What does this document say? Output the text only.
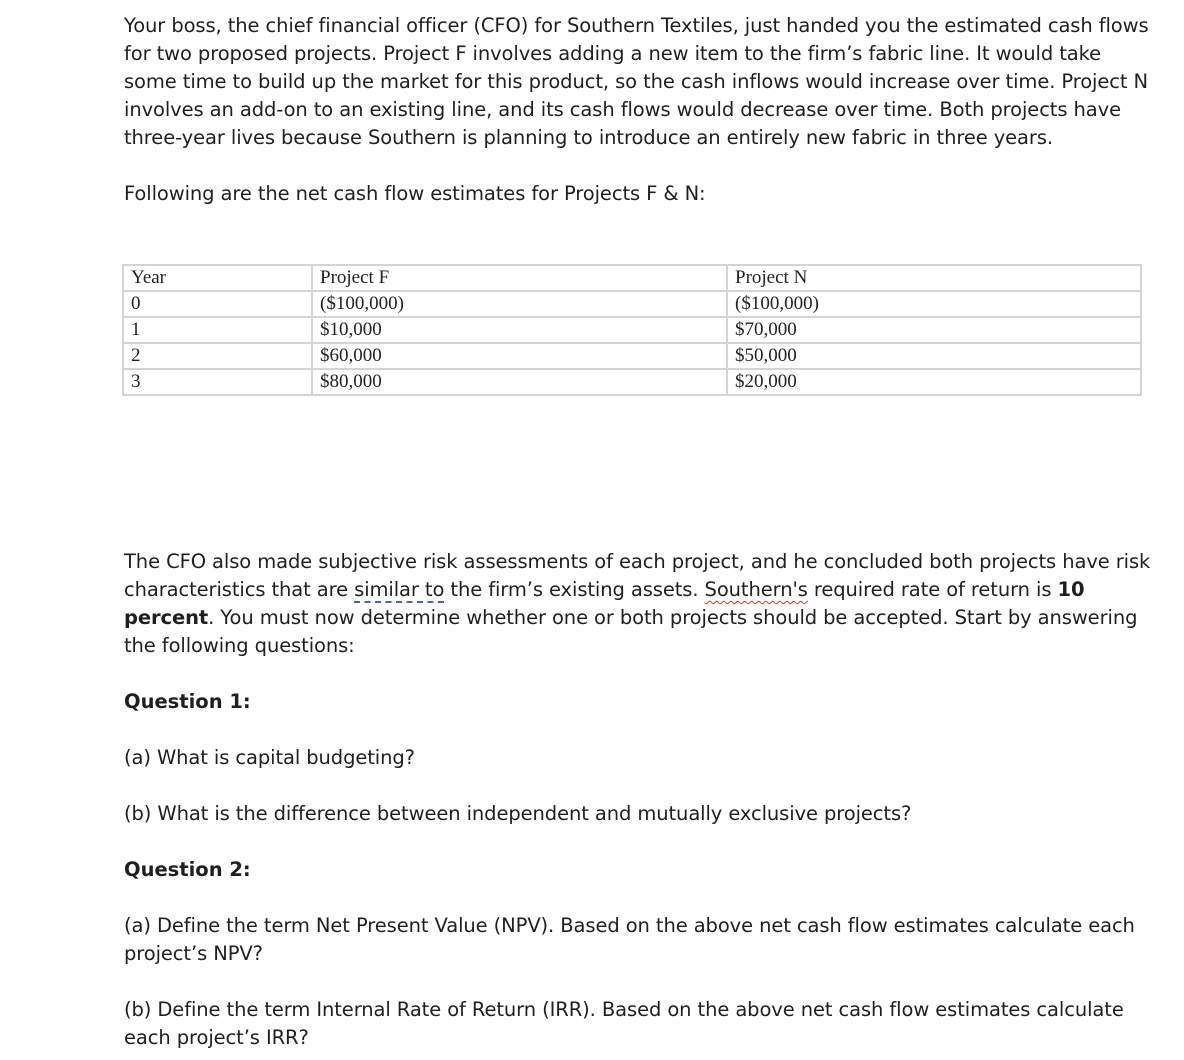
Your boss, the chief financial officer (CFO) for Southern Textiles, just handed you the estimated cash flows for two proposed projects. Project F involves adding a new item to the firm’s fabric line. It would take some time to build up the market for this product, so the cash inflows would increase over time. Project N involves an add-on to an existing line, and its cash flows would decrease over time. Both projects have three-year lives because Southern is planning to introduce an entirely new fabric in three years.

Following are the net cash flow estimates for Projects F & N:

Year	Project F	Project N
0	($100,000)	($100,000)
1	$10,000	$70,000
2	$60,000	$50,000
3	$80,000	$20,000

The CFO also made subjective risk assessments of each project, and he concluded both projects have risk characteristics that are similar to the firm’s existing assets. Southern's required rate of return is 10 percent. You must now determine whether one or both projects should be accepted. Start by answering the following questions:

Question 1:

(a) What is capital budgeting?

(b) What is the difference between independent and mutually exclusive projects?

Question 2:

(a) Define the term Net Present Value (NPV). Based on the above net cash flow estimates calculate each project’s NPV?

(b) Define the term Internal Rate of Return (IRR). Based on the above net cash flow estimates calculate each project’s IRR?
